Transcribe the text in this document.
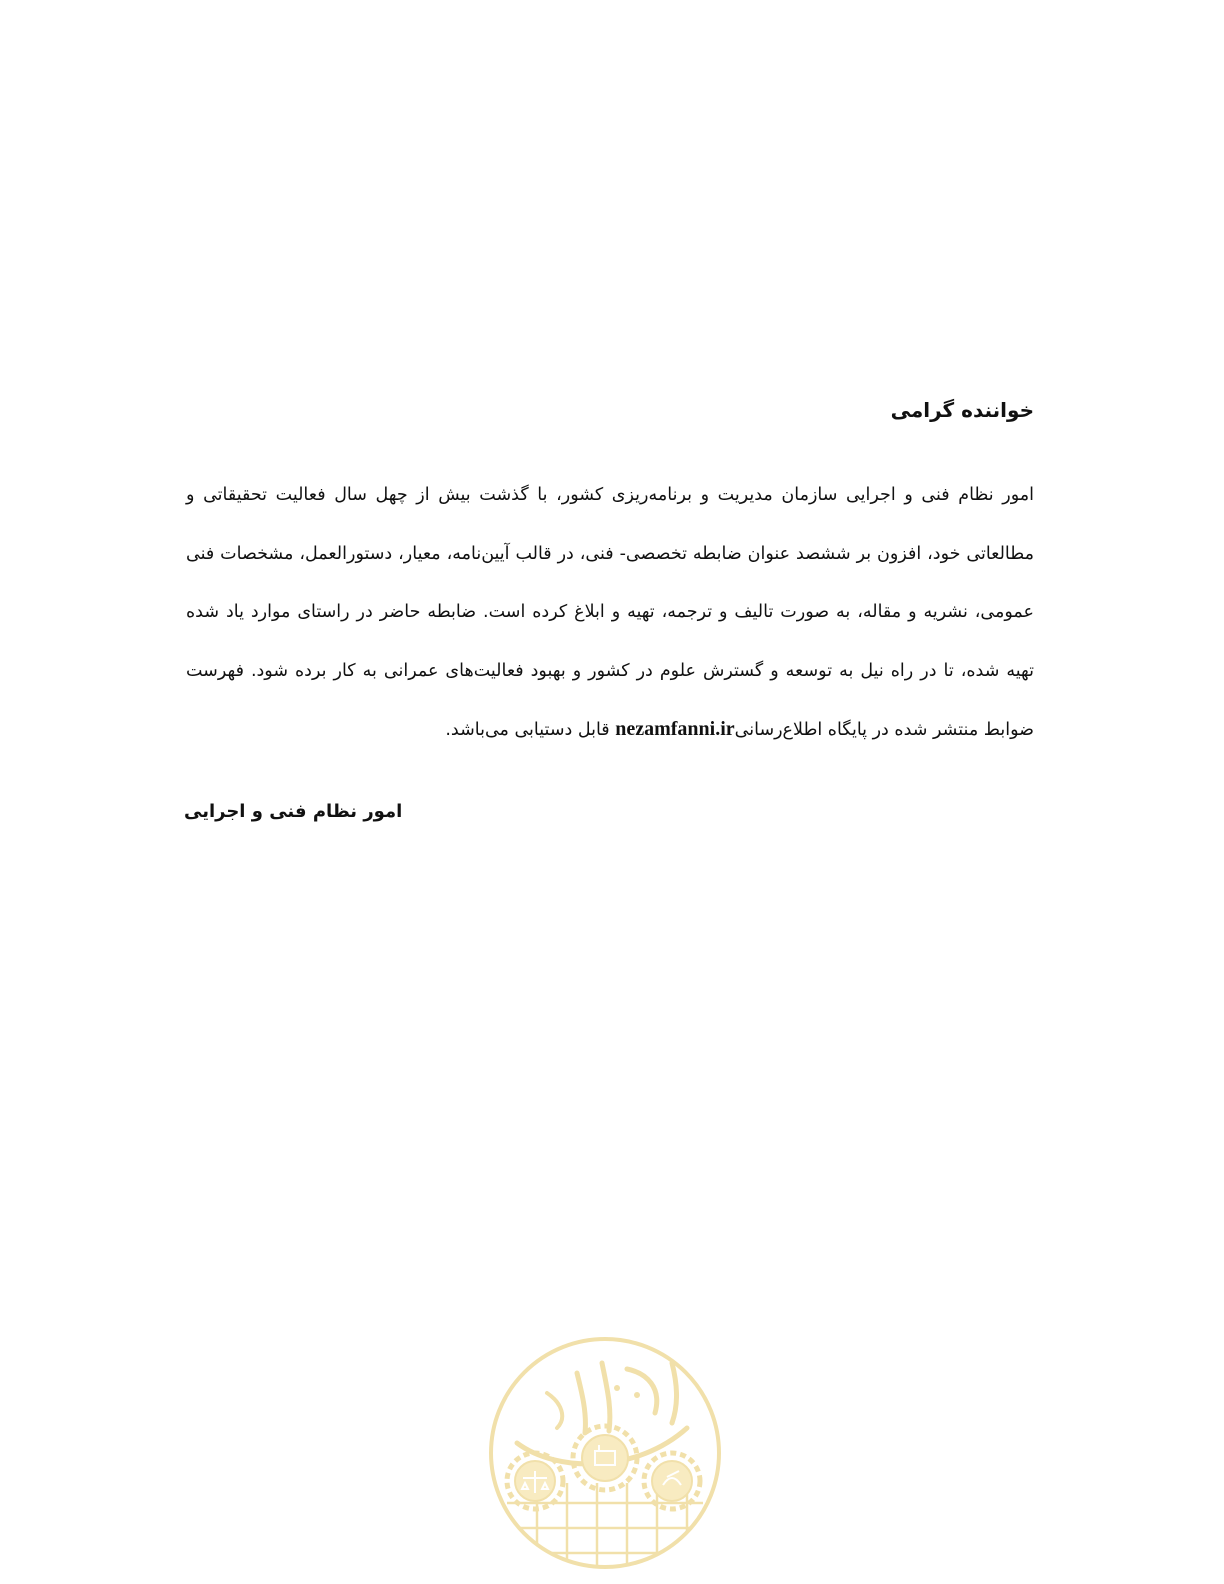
خواننده گرامی

امور نظام فنی و اجرایی سازمان مدیریت و برنامه‌ریزی کشور، با گذشت بیش از چهل سال فعالیت تحقیقاتی و مطالعاتی خود، افزون بر ششصد عنوان ضابطه تخصصی- فنی، در قالب آیین‌نامه، معیار، دستورالعمل، مشخصات فنی عمومی، نشریه و مقاله، به صورت تالیف و ترجمه، تهیه و ابلاغ کرده است. ضابطه حاضر در راستای موارد یاد شده تهیه شده، تا در راه نیل به توسعه و گسترش علوم در کشور و بهبود فعالیت‌های عمرانی به کار برده شود. فهرست ضوابط منتشر شده در پایگاه اطلاع‌رسانیnezamfanni.ir قابل دستیابی می‌باشد.

امور نظام فنی و اجرایی
